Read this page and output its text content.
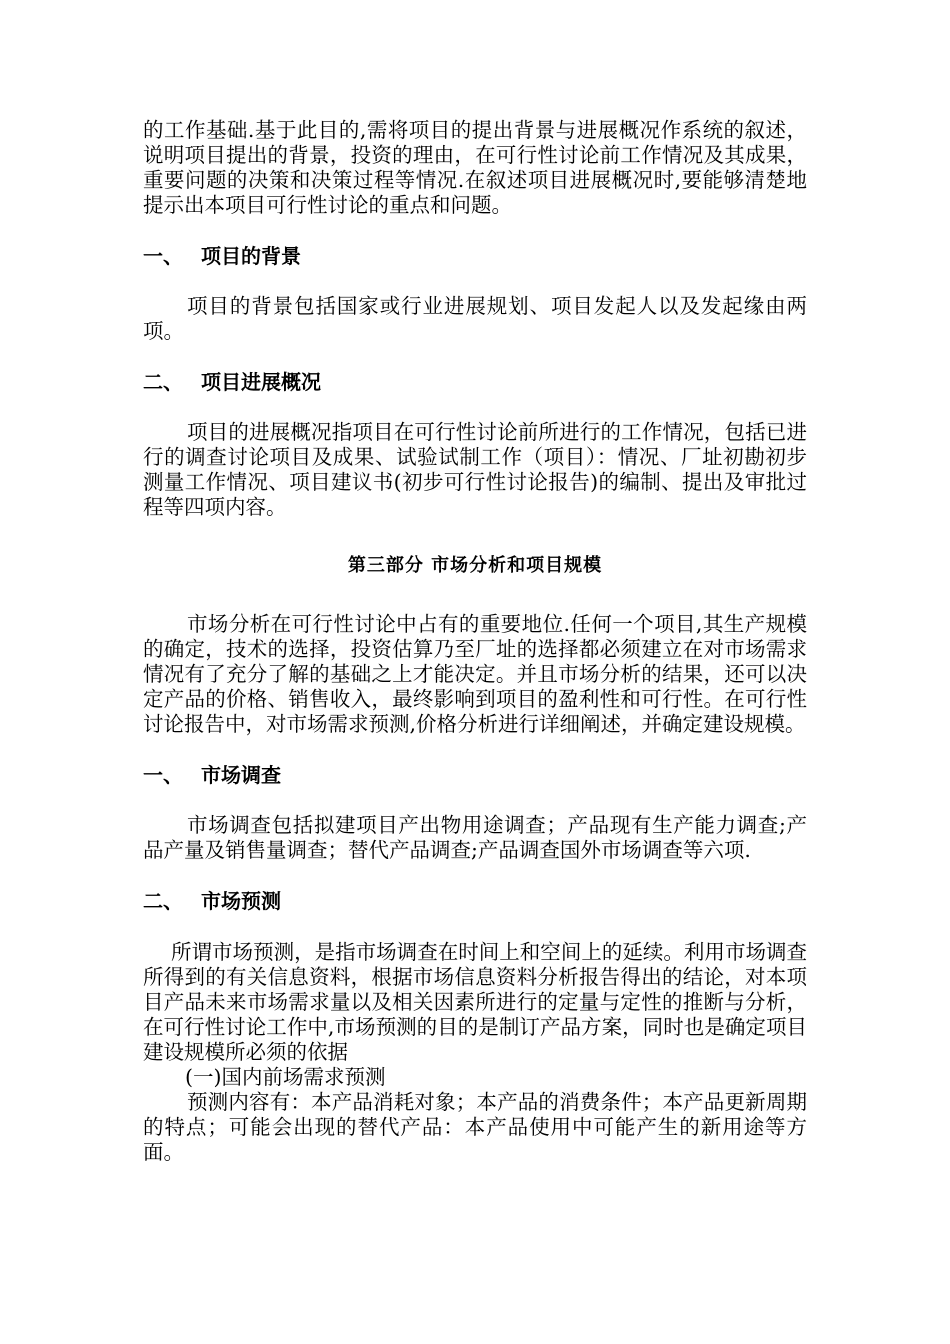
的工作基础.基于此目的,需将项目的提出背景与进展概况作系统的叙述，说明项目提出的背景，投资的理由，在可行性讨论前工作情况及其成果，重要问题的决策和决策过程等情况.在叙述项目进展概况时,要能够清楚地提示出本项目可行性讨论的重点和问题。

一、 项目的背景

项目的背景包括国家或行业进展规划、项目发起人以及发起缘由两项。

二、 项目进展概况

项目的进展概况指项目在可行性讨论前所进行的工作情况，包括已进行的调查讨论项目及成果、试验试制工作（项目）：情况、厂址初勘初步测量工作情况、项目建议书(初步可行性讨论报告)的编制、提出及审批过程等四项内容。

第三部分 市场分析和项目规模

市场分析在可行性讨论中占有的重要地位.任何一个项目,其生产规模的确定，技术的选择，投资估算乃至厂址的选择都必须建立在对市场需求情况有了充分了解的基础之上才能决定。并且市场分析的结果，还可以决定产品的价格、销售收入，最终影响到项目的盈利性和可行性。在可行性讨论报告中，对市场需求预测,价格分析进行详细阐述，并确定建设规模。

一、 市场调查

市场调查包括拟建项目产出物用途调查；产品现有生产能力调查;产品产量及销售量调查；替代产品调查;产品调查国外市场调查等六项.

二、 市场预测

所谓市场预测，是指市场调查在时间上和空间上的延续。利用市场调查所得到的有关信息资料，根据市场信息资料分析报告得出的结论，对本项目产品未来市场需求量以及相关因素所进行的定量与定性的推断与分析，在可行性讨论工作中,市场预测的目的是制订产品方案，同时也是确定项目建设规模所必须的依据

(一)国内前场需求预测

预测内容有：本产品消耗对象；本产品的消费条件；本产品更新周期的特点；可能会出现的替代产品：本产品使用中可能产生的新用途等方面。
